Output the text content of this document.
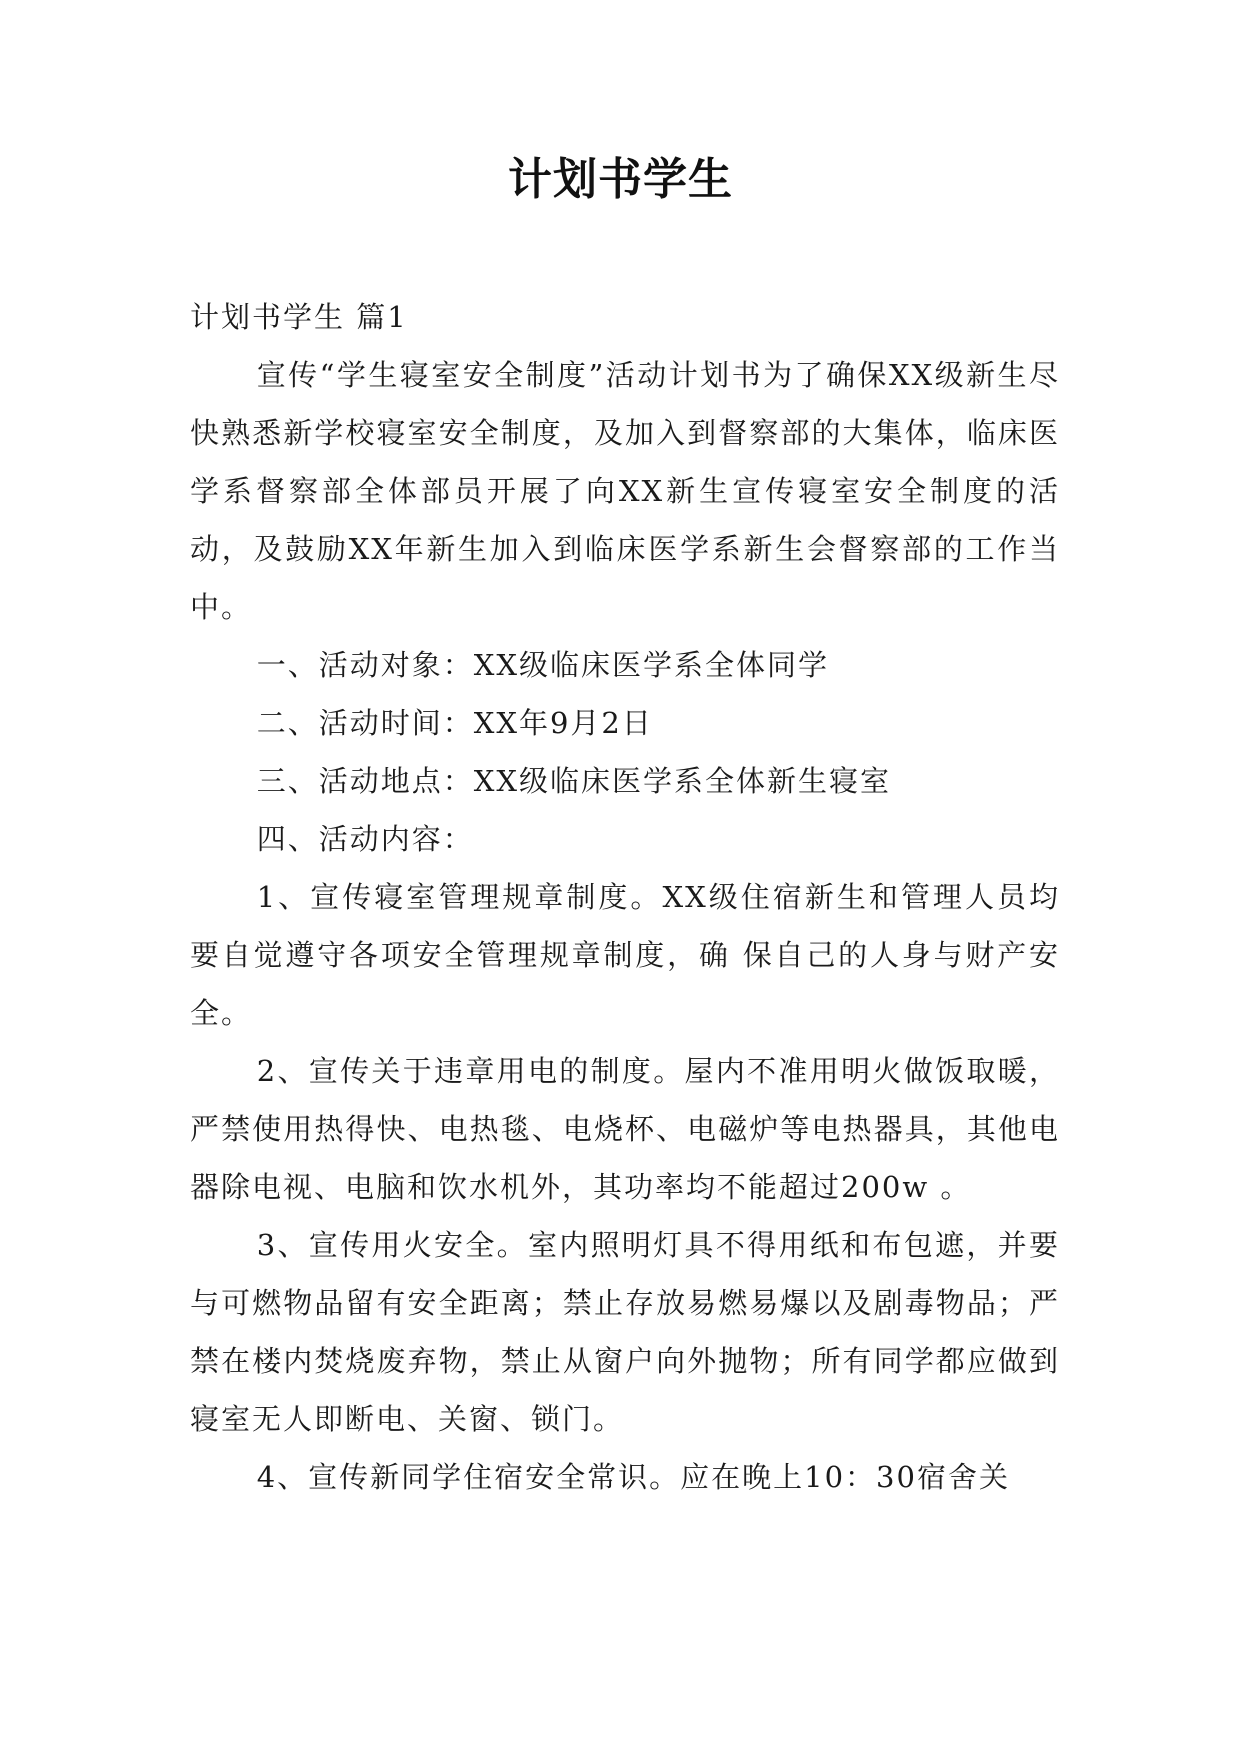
计划书学生

计划书学生 篇1

宣传“学生寝室安全制度”活动计划书为了确保XX级新生尽快熟悉新学校寝室安全制度，及加入到督察部的大集体，临床医学系督察部全体部员开展了向XX新生宣传寝室安全制度的活动，及鼓励XX年新生加入到临床医学系新生会督察部的工作当中。

一、活动对象：XX级临床医学系全体同学

二、活动时间：XX年9月2日

三、活动地点：XX级临床医学系全体新生寝室

四、活动内容：

1、宣传寝室管理规章制度。XX级住宿新生和管理人员均要自觉遵守各项安全管理规章制度，确 保自己的人身与财产安全。

2、宣传关于违章用电的制度。屋内不准用明火做饭取暖，严禁使用热得快、电热毯、电烧杯、电磁炉等电热器具，其他电器除电视、电脑和饮水机外，其功率均不能超过200w 。

3、宣传用火安全。室内照明灯具不得用纸和布包遮，并要与可燃物品留有安全距离；禁止存放易燃易爆以及剧毒物品；严禁在楼内焚烧废弃物，禁止从窗户向外抛物；所有同学都应做到寝室无人即断电、关窗、锁门。

4、宣传新同学住宿安全常识。应在晚上10：30宿舍关
